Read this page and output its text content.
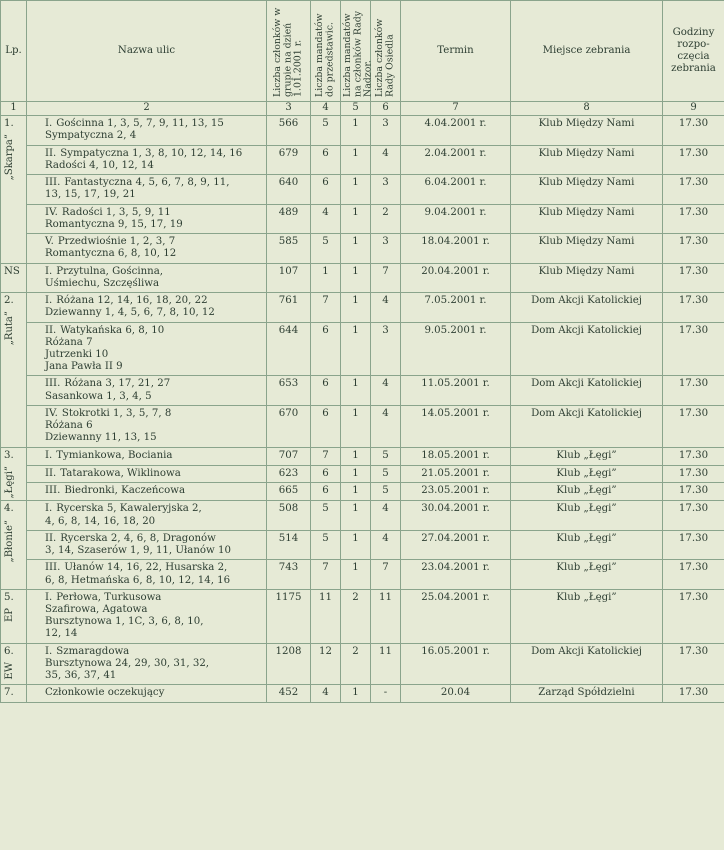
Lp.	Nazwa ulic	Liczba członków w grupie na dzień 1.01.2001 r.	Liczba mandatów do przedstawic.	Liczba mandatów na członków Rady Nadzor.	Liczba członków Rady Osiedla	Termin	Miejsce zebrania	Godziny rozpo-częcia zebrania
1	2	3	4	5	6	7	8	9

1.
„Skarpa”	I. Gościnna 1, 3, 5, 7, 9, 11, 13, 15
Sympatyczna 2, 4	566	5	1	3	4.04.2001 r.	Klub Między Nami	17.30

	II. Sympatyczna 1, 3, 8, 10, 12, 14, 16
Radości 4, 10, 12, 14	679	6	1	4	2.04.2001 r.	Klub Między Nami	17.30

	III. Fantastyczna 4, 5, 6, 7, 8, 9, 11,
13, 15, 17, 19, 21	640	6	1	3	6.04.2001 r.	Klub Między Nami	17.30

	IV. Radości 1, 3, 5, 9, 11
Romantyczna 9, 15, 17, 19	489	4	1	2	9.04.2001 r.	Klub Między Nami	17.30

	V. Przedwiośnie 1, 2, 3, 7
Romantyczna 6, 8, 10, 12	585	5	1	3	18.04.2001 r.	Klub Między Nami	17.30

NS	I. Przytulna, Gościnna,
Uśmiechu, Szczęśliwa	107	1	1	7	20.04.2001 r.	Klub Między Nami	17.30

2.
„Ruta”	I. Różana 12, 14, 16, 18, 20, 22
Dziewanny 1, 4, 5, 6, 7, 8, 10, 12	761	7	1	4	7.05.2001 r.	Dom Akcji Katolickiej	17.30

	II. Watykańska 6, 8, 10
Różana 7
Jutrzenki 10
Jana Pawła II 9	644	6	1	3	9.05.2001 r.	Dom Akcji Katolickiej	17.30

	III. Różana 3, 17, 21, 27
Sasankowa 1, 3, 4, 5	653	6	1	4	11.05.2001 r.	Dom Akcji Katolickiej	17.30

	IV. Stokrotki 1, 3, 5, 7, 8
Różana 6
Dziewanny 11, 13, 15	670	6	1	4	14.05.2001 r.	Dom Akcji Katolickiej	17.30

3.
„Łęgi”	I. Tymiankowa, Bociania	707	7	1	5	18.05.2001 r.	Klub „Łęgi”	17.30

	II. Tatarakowa, Wiklinowa	623	6	1	5	21.05.2001 r.	Klub „Łęgi”	17.30

	III. Biedronki, Kaczeńcowa	665	6	1	5	23.05.2001 r.	Klub „Łęgi”	17.30

4.
„Błonie”	I. Rycerska 5, Kawaleryjska 2,
4, 6, 8, 14, 16, 18, 20	508	5	1	4	30.04.2001 r.	Klub „Łęgi”	17.30

	II. Rycerska 2, 4, 6, 8, Dragonów
3, 14, Szaserów 1, 9, 11, Ułanów 10	514	5	1	4	27.04.2001 r.	Klub „Łęgi”	17.30

	III. Ułanów 14, 16, 22, Husarska 2,
6, 8, Hetmańska 6, 8, 10, 12, 14, 16	743	7	1	7	23.04.2001 r.	Klub „Łęgi”	17.30

5.
EP	I. Perłowa, Turkusowa
Szafirowa, Agatowa
Bursztynowa 1, 1C, 3, 6, 8, 10,
12, 14	1175	11	2	11	25.04.2001 r.	Klub „Łęgi”	17.30

6.
EW	I. Szmaragdowa
Bursztynowa 24, 29, 30, 31, 32,
35, 36, 37, 41	1208	12	2	11	16.05.2001 r.	Dom Akcji Katolickiej	17.30

7.	Członkowie oczekujący	452	4	1	-	20.04	Zarząd Spółdzielni	17.30
